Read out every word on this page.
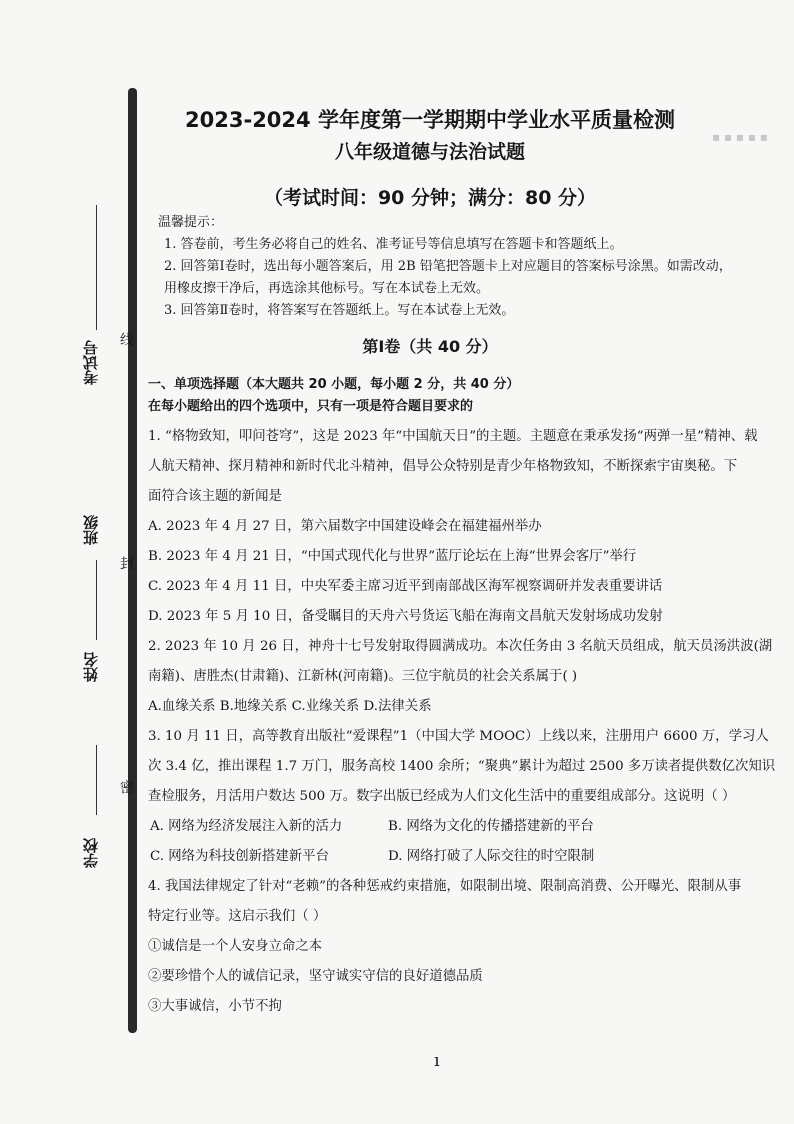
考试号
班级
姓名
学校
线
封
密
▪ ▪ ▪ ▪ ▪
2023-2024 学年度第一学期期中学业水平质量检测
八年级道德与法治试题
（考试时间：90 分钟；满分：80 分）
温馨提示：
1. 答卷前，考生务必将自己的姓名、准考证号等信息填写在答题卡和答题纸上。
2. 回答第Ⅰ卷时，选出每小题答案后，用 2B 铅笔把答题卡上对应题目的答案标号涂黑。如需改动，
用橡皮擦干净后，再选涂其他标号。写在本试卷上无效。
3. 回答第Ⅱ卷时，将答案写在答题纸上。写在本试卷上无效。
第Ⅰ卷（共 40 分）
一、单项选择题（本大题共 20 小题，每小题 2 分，共 40 分）
在每小题给出的四个选项中，只有一项是符合题目要求的
1. “格物致知，叩问苍穹”，这是 2023 年“中国航天日”的主题。主题意在秉承发扬“两弹一星”精神、载
人航天精神、探月精神和新时代北斗精神，倡导公众特别是青少年格物致知，不断探索宇宙奥秘。下
面符合该主题的新闻是
A. 2023 年 4 月 27 日，第六届数字中国建设峰会在福建福州举办
B. 2023 年 4 月 21 日，“中国式现代化与世界”蓝厅论坛在上海“世界会客厅”举行
C. 2023 年 4 月 11 日，中央军委主席习近平到南部战区海军视察调研并发表重要讲话
D. 2023 年 5 月 10 日，备受瞩目的天舟六号货运飞船在海南文昌航天发射场成功发射
2. 2023 年 10 月 26 日，神舟十七号发射取得圆满成功。本次任务由 3 名航天员组成，航天员汤洪波(湖
南籍)、唐胜杰(甘肃籍)、江新林(河南籍)。三位宇航员的社会关系属于( )
A.血缘关系 B.地缘关系 C.业缘关系 D.法律关系
3. 10 月 11 日，高等教育出版社“爱课程”1（中国大学 MOOC）上线以来，注册用户 6600 万，学习人
次 3.4 亿，推出课程 1.7 万门，服务高校 1400 余所；“聚典”累计为超过 2500 多万读者提供数亿次知识
查检服务，月活用户数达 500 万。数字出版已经成为人们文化生活中的重要组成部分。这说明（ ）
A. 网络为经济发展注入新的活力	B. 网络为文化的传播搭建新的平台
C. 网络为科技创新搭建新平台	D. 网络打破了人际交往的时空限制
4. 我国法律规定了针对“老赖”的各种惩戒约束措施，如限制出境、限制高消费、公开曝光、限制从事
特定行业等。这启示我们（ ）
①诚信是一个人安身立命之本
②要珍惜个人的诚信记录，坚守诚实守信的良好道德品质
③大事诚信，小节不拘
ı
